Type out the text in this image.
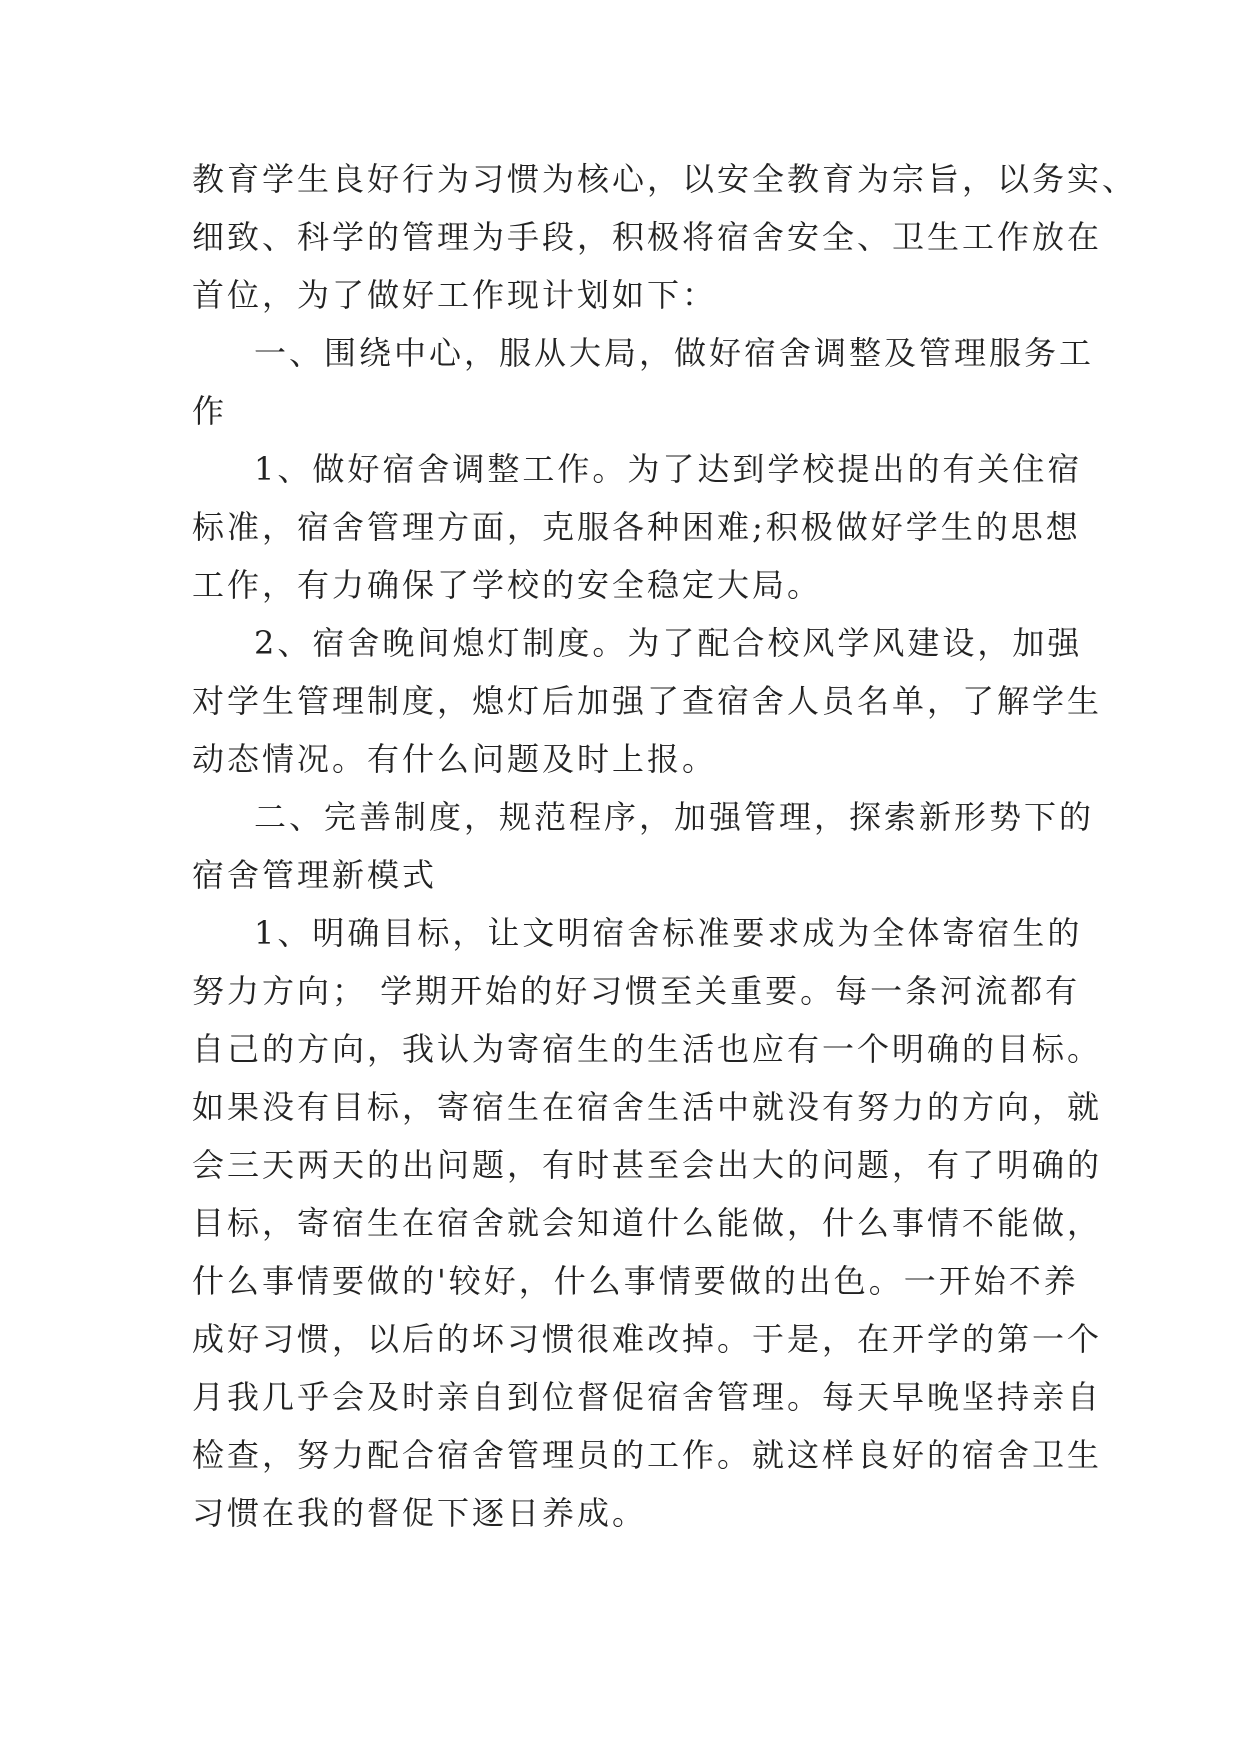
教育学生良好行为习惯为核心，以安全教育为宗旨，以务实、
细致、科学的管理为手段，积极将宿舍安全、卫生工作放在
首位，为了做好工作现计划如下：
一、围绕中心，服从大局，做好宿舍调整及管理服务工
作
1、做好宿舍调整工作。为了达到学校提出的有关住宿
标准，宿舍管理方面，克服各种困难;积极做好学生的思想
工作，有力确保了学校的安全稳定大局。
2、宿舍晚间熄灯制度。为了配合校风学风建设，加强
对学生管理制度，熄灯后加强了查宿舍人员名单，了解学生
动态情况。有什么问题及时上报。
二、完善制度，规范程序，加强管理，探索新形势下的
宿舍管理新模式
1、明确目标，让文明宿舍标准要求成为全体寄宿生的
努力方向； 学期开始的好习惯至关重要。每一条河流都有
自己的方向，我认为寄宿生的生活也应有一个明确的目标。
如果没有目标，寄宿生在宿舍生活中就没有努力的方向，就
会三天两天的出问题，有时甚至会出大的问题，有了明确的
目标，寄宿生在宿舍就会知道什么能做，什么事情不能做，
什么事情要做的'较好，什么事情要做的出色。一开始不养
成好习惯，以后的坏习惯很难改掉。于是，在开学的第一个
月我几乎会及时亲自到位督促宿舍管理。每天早晚坚持亲自
检查，努力配合宿舍管理员的工作。就这样良好的宿舍卫生
习惯在我的督促下逐日养成。
